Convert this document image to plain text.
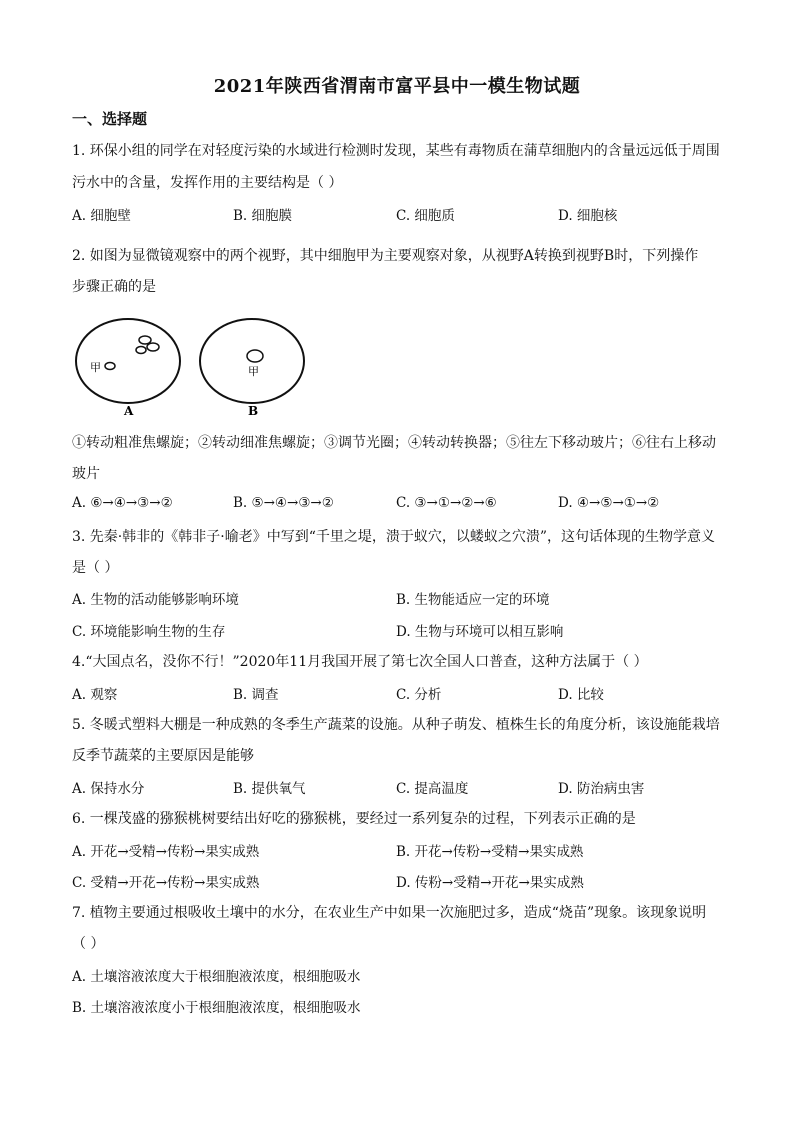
2021年陕西省渭南市富平县中一模生物试题
一、选择题
1. 环保小组的同学在对轻度污染的水域进行检测时发现，某些有毒物质在蒲草细胞内的含量远远低于周围
污水中的含量，发挥作用的主要结构是（ ）
A. 细胞壁	B. 细胞膜	C. 细胞质	D. 细胞核
2. 如图为显微镜观察中的两个视野，其中细胞甲为主要观察对象，从视野A转换到视野B时，下列操作
步骤正确的是
甲
A
甲
B
①转动粗准焦螺旋；②转动细准焦螺旋；③调节光圈；④转动转换器；⑤往左下移动玻片；⑥往右上移动
玻片
A. ⑥→④→③→②	B. ⑤→④→③→②	C. ③→①→②→⑥	D. ④→⑤→①→②
3. 先秦·韩非的《韩非子·喻老》中写到“千里之堤，溃于蚁穴，以蝼蚁之穴溃”，这句话体现的生物学意义
是（ ）
A. 生物的活动能够影响环境	B. 生物能适应一定的环境
C. 环境能影响生物的生存	D. 生物与环境可以相互影响
4.“大国点名，没你不行！”2020年11月我国开展了第七次全国人口普查，这种方法属于（ ）
A. 观察	B. 调查	C. 分析	D. 比较
5. 冬暖式塑料大棚是一种成熟的冬季生产蔬菜的设施。从种子萌发、植株生长的角度分析，该设施能栽培
反季节蔬菜的主要原因是能够
A. 保持水分	B. 提供氧气	C. 提高温度	D. 防治病虫害
6. 一棵茂盛的猕猴桃树要结出好吃的猕猴桃，要经过一系列复杂的过程，下列表示正确的是
A. 开花→受精→传粉→果实成熟	B. 开花→传粉→受精→果实成熟
C. 受精→开花→传粉→果实成熟	D. 传粉→受精→开花→果实成熟
7. 植物主要通过根吸收土壤中的水分，在农业生产中如果一次施肥过多，造成“烧苗”现象。该现象说明
（ ）
A. 土壤溶液浓度大于根细胞液浓度，根细胞吸水
B. 土壤溶液浓度小于根细胞液浓度，根细胞吸水
